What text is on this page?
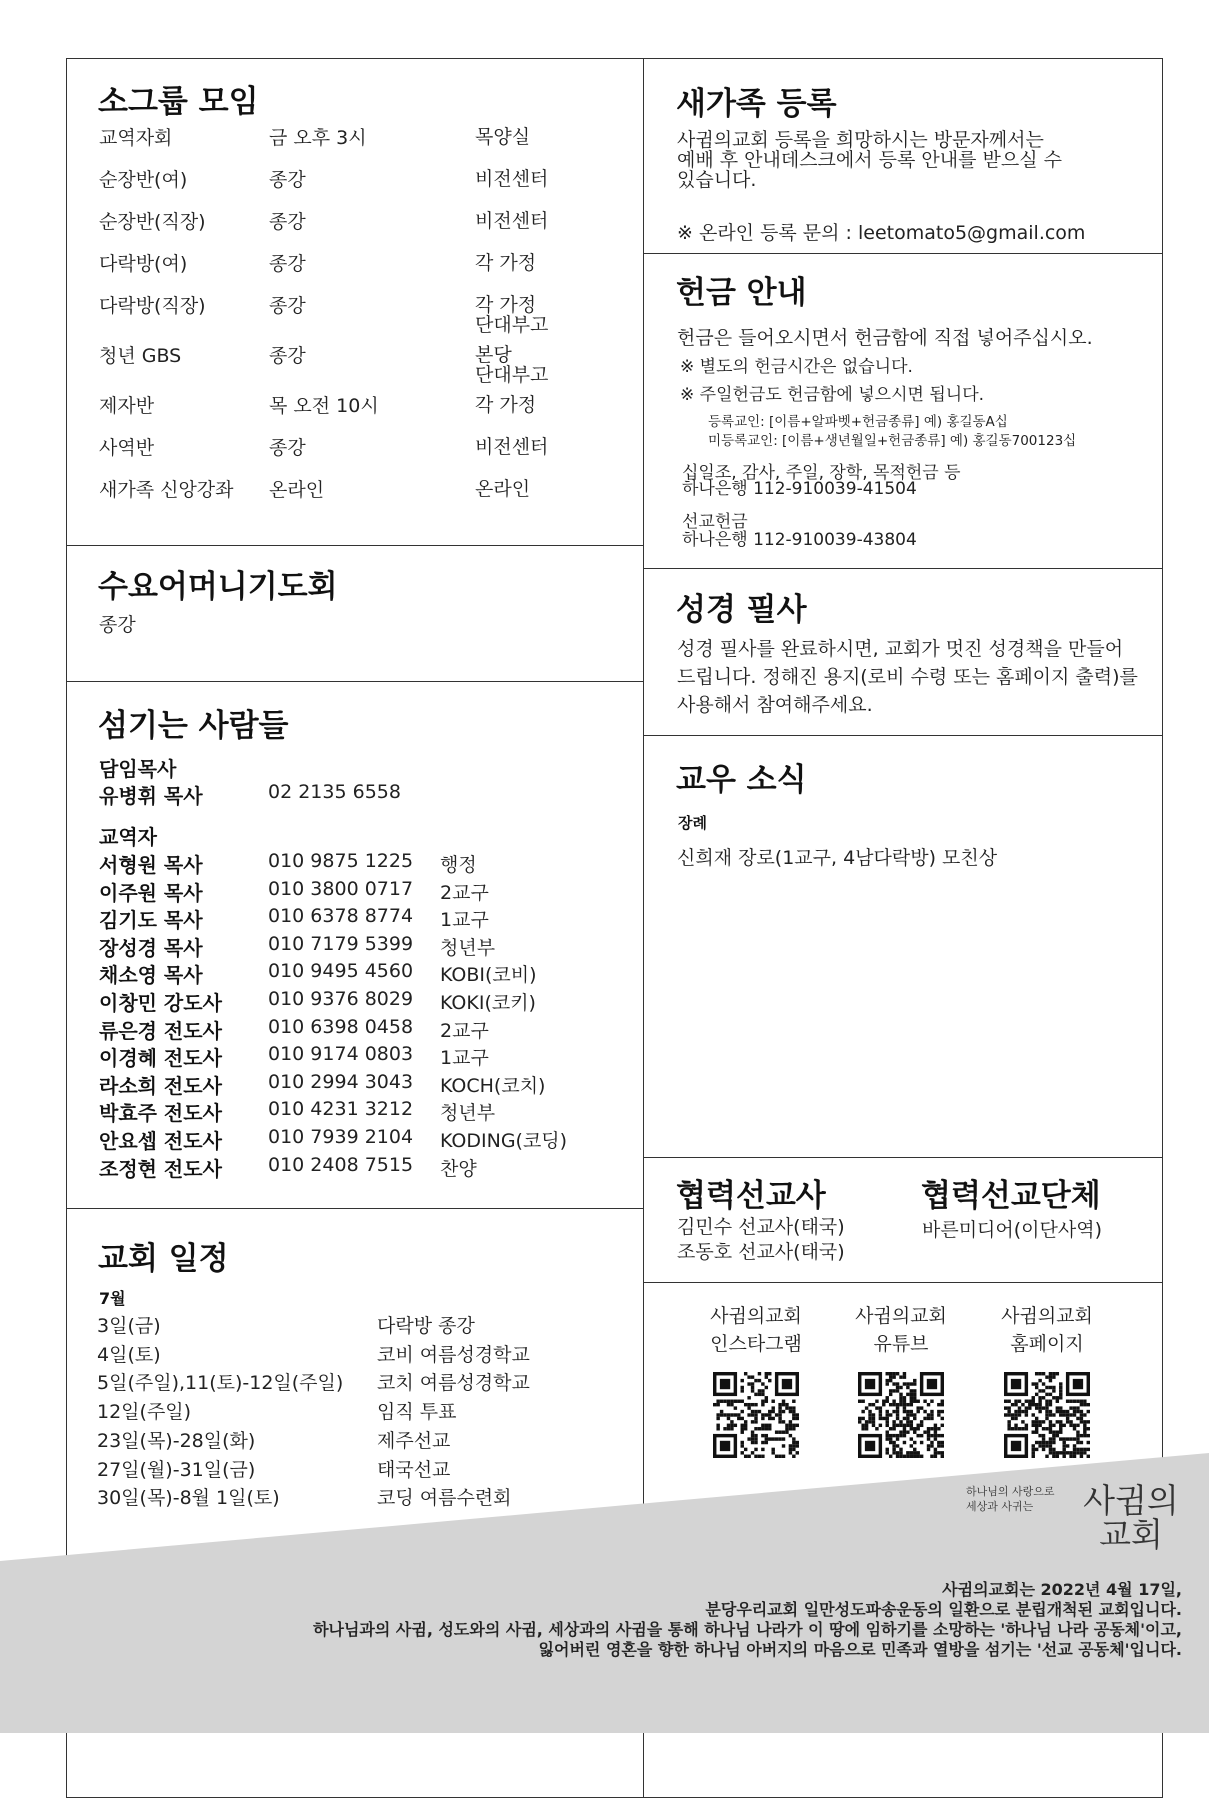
소그룹 모임
교역자회	금 오후 3시	목양실

순장반(여)	종강	비전센터

순장반(직장)	종강	비전센터

다락방(여)	종강	각 가정

다락방(직장)	종강	각 가정
단대부고

청년 GBS	종강	본당
단대부고

제자반	목 오전 10시	각 가정

사역반	종강	비전센터

새가족 신앙강좌	온라인	온라인
수요어머니기도회
종강
섬기는 사람들
담임목사
유병휘 목사	02 2135 6558
교역자
서형원 목사	010 9875 1225 행정
이주원 목사	010 3800 0717 2교구
김기도 목사	010 6378 8774 1교구
장성경 목사	010 7179 5399 청년부
채소영 목사	010 9495 4560 KOBI(코비)
이창민 강도사 010 9376 8029 KOKI(코키)
류은경 전도사 010 6398 0458 2교구
이경혜 전도사 010 9174 0803 1교구
라소희 전도사 010 2994 3043 KOCH(코치)
박효주 전도사 010 4231 3212 청년부
안요셉 전도사 010 7939 2104 KODING(코딩)
조정현 전도사 010 2408 7515 찬양
교회 일정
7월
3일(금)	다락방 종강
4일(토)	코비 여름성경학교
5일(주일),11(토)-12일(주일) 코치 여름성경학교
12일(주일)	임직 투표
23일(목)-28일(화)	제주선교
27일(월)-31일(금)	태국선교
30일(목)-8월 1일(토)	코딩 여름수련회
새가족 등록
사귐의교회 등록을 희망하시는 방문자께서는
예배 후 안내데스크에서 등록 안내를 받으실 수
있습니다.
※ 온라인 등록 문의 : leetomato5@gmail.com
헌금 안내
헌금은 들어오시면서 헌금함에 직접 넣어주십시오.
※ 별도의 헌금시간은 없습니다.
※ 주일헌금도 헌금함에 넣으시면 됩니다.
등록교인: [이름+알파벳+헌금종류] 예) 홍길동A십
미등록교인: [이름+생년월일+헌금종류] 예) 홍길동700123십
십일조, 감사, 주일, 장학, 목적헌금 등
하나은행 112-910039-41504
선교헌금
하나은행 112-910039-43804
성경 필사
성경 필사를 완료하시면, 교회가 멋진 성경책을 만들어
드립니다. 정해진 용지(로비 수령 또는 홈페이지 출력)를
사용해서 참여해주세요.
교우 소식
장례
신희재 장로(1교구, 4남다락방) 모친상
협력선교사
김민수 선교사(태국)
조동호 선교사(태국)
협력선교단체
바른미디어(이단사역)
사귐의교회
인스타그램
사귐의교회
유튜브
사귐의교회
홈페이지
하나님의 사랑으로
세상과 사귀는	사귐의
교회
사귐의교회는 2022년 4월 17일,
분당우리교회 일만성도파송운동의 일환으로 분립개척된 교회입니다.
하나님과의 사귐, 성도와의 사귐, 세상과의 사귐을 통해 하나님 나라가 이 땅에 임하기를 소망하는 '하나님 나라 공동체'이고,
잃어버린 영혼을 향한 하나님 아버지의 마음으로 민족과 열방을 섬기는 '선교 공동체'입니다.
